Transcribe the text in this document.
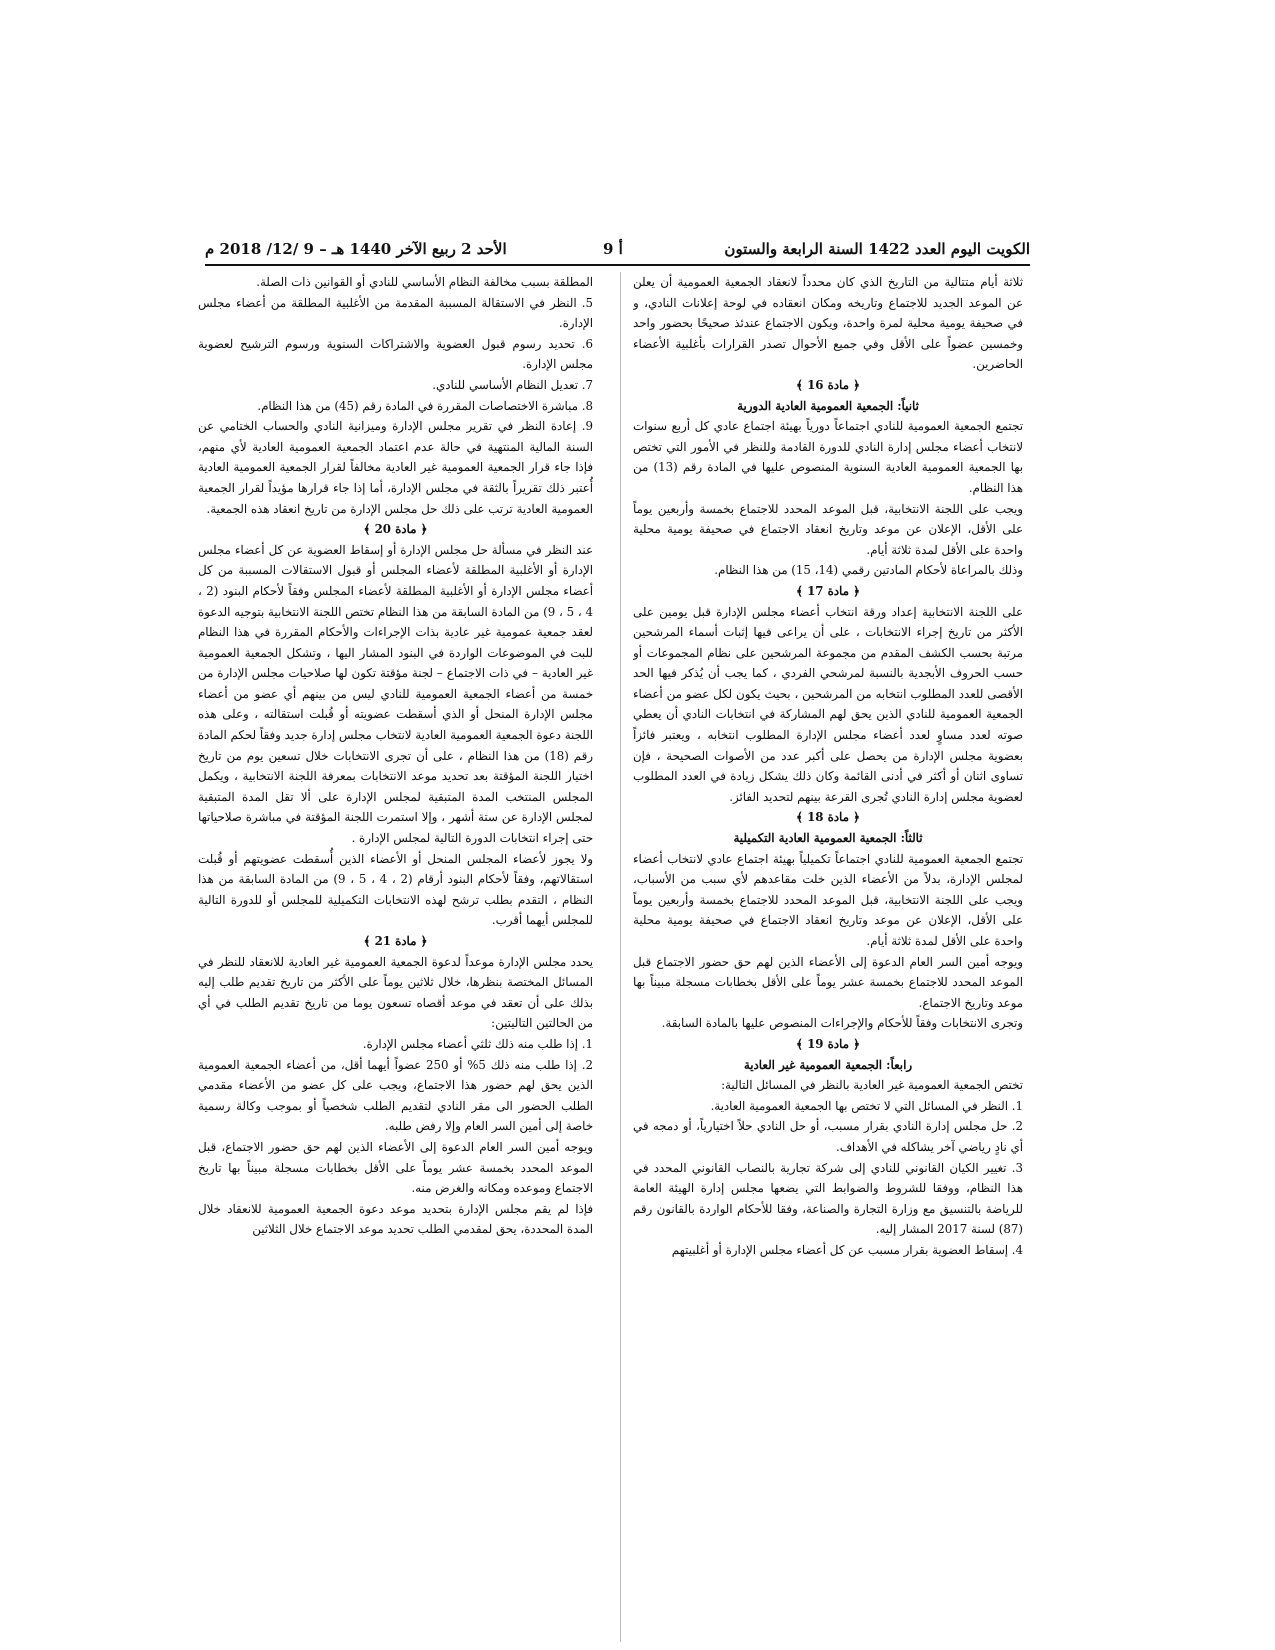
الكويت اليوم العدد 1422 السنة الرابعة والستون
أ 9
الأحد 2 ربيع الآخر 1440 هـ – 9 /12/ 2018 م

ثلاثة أيام متتالية من التاريخ الذي كان محدداً لانعقاد الجمعية العمومية أن يعلن عن الموعد الجديد للاجتماع وتاريخه ومكان انعقاده في لوحة إعلانات النادي، و في صحيفة يومية محلية لمرة واحدة، ويكون الاجتماع عندئذ صحيحًا بحضور واحد وخمسين عضواً على الأقل وفي جميع الأحوال تصدر القرارات بأغلبية الأعضاء الحاضرين.

﴿ مادة 16 ﴾

ثانياً: الجمعية العمومية العادية الدورية

تجتمع الجمعية العمومية للنادي اجتماعاً دورياً بهيئة اجتماع عادي كل أربع سنوات لانتخاب أعضاء مجلس إدارة النادي للدورة القادمة وللنظر في الأمور التي تختص بها الجمعية العمومية العادية السنوية المنصوص عليها في المادة رقم (13) من هذا النظام.

ويجب على اللجنة الانتخابية، قبل الموعد المحدد للاجتماع بخمسة وأربعين يوماً على الأقل، الإعلان عن موعد وتاريخ انعقاد الاجتماع في صحيفة يومية محلية واحدة على الأقل لمدة ثلاثة أيام.

وذلك بالمراعاة لأحكام المادتين رقمي (14، 15) من هذا النظام.

﴿ مادة 17 ﴾

على اللجنة الانتخابية إعداد ورقة انتخاب أعضاء مجلس الإدارة قبل يومين على الأكثر من تاريخ إجراء الانتخابات ، على أن يراعى فيها إثبات أسماء المرشحين مرتبة بحسب الكشف المقدم من مجموعة المرشحين على نظام المجموعات أو حسب الحروف الأبجدية بالنسبة لمرشحي الفردي ، كما يجب أن يُذكر فيها الحد الأقصى للعدد المطلوب انتخابه من المرشحين ، بحيث يكون لكل عضو من أعضاء الجمعية العمومية للنادي الذين يحق لهم المشاركة في انتخابات النادي أن يعطي صوته لعدد مساوٍ لعدد أعضاء مجلس الإدارة المطلوب انتخابه ، ويعتبر فائزاً بعضوية مجلس الإدارة من يحصل على أكبر عدد من الأصوات الصحيحة ، فإن تساوى اثنان أو أكثر في أدنى القائمة وكان ذلك يشكل زيادة في العدد المطلوب لعضوية مجلس إدارة النادي تُجرى القرعة بينهم لتحديد الفائز.

﴿ مادة 18 ﴾

ثالثاً: الجمعية العمومية العادية التكميلية

تجتمع الجمعية العمومية للنادي اجتماعاً تكميلياً بهيئة اجتماع عادي لانتخاب أعضاء لمجلس الإدارة، بدلاً من الأعضاء الذين خلت مقاعدهم لأي سبب من الأسباب، ويجب على اللجنة الانتخابية، قبل الموعد المحدد للاجتماع بخمسة وأربعين يوماً على الأقل، الإعلان عن موعد وتاريخ انعقاد الاجتماع في صحيفة يومية محلية واحدة على الأقل لمدة ثلاثة أيام.

ويوجه أمين السر العام الدعوة إلى الأعضاء الذين لهم حق حضور الاجتماع قبل الموعد المحدد للاجتماع بخمسة عشر يوماً على الأقل بخطابات مسجلة مبيناً بها موعد وتاريخ الاجتماع.

وتجرى الانتخابات وفقاً للأحكام والإجراءات المنصوص عليها بالمادة السابقة.

﴿ مادة 19 ﴾

رابعاً: الجمعية العمومية غير العادية

تختص الجمعية العمومية غير العادية بالنظر في المسائل التالية:

1. النظر في المسائل التي لا تختص بها الجمعية العمومية العادية.

2. حل مجلس إدارة النادي بقرار مسبب، أو حل النادي حلاً اختيارياً، أو دمجه في أي نادٍ رياضي آخر يشاكله في الأهداف.

3. تغيير الكيان القانوني للنادي إلى شركة تجارية بالنصاب القانوني المحدد في هذا النظام، ووفقا للشروط والضوابط التي يضعها مجلس إدارة الهيئة العامة للرياضة بالتنسيق مع وزارة التجارة والصناعة، وفقا للأحكام الواردة بالقانون رقم (87) لسنة 2017 المشار إليه.

4. إسقاط العضوية بقرار مسبب عن كل أعضاء مجلس الإدارة أو أغلبيتهم

المطلقة بسبب مخالفة النظام الأساسي للنادي أو القوانين ذات الصلة.

5. النظر في الاستقالة المسببة المقدمة من الأغلبية المطلقة من أعضاء مجلس الإدارة.

6. تحديد رسوم قبول العضوية والاشتراكات السنوية ورسوم الترشيح لعضوية مجلس الإدارة.

7. تعديل النظام الأساسي للنادي.

8. مباشرة الاختصاصات المقررة في المادة رقم (45) من هذا النظام.

9. إعادة النظر في تقرير مجلس الإدارة وميزانية النادي والحساب الختامي عن السنة المالية المنتهية في حالة عدم اعتماد الجمعية العمومية العادية لأي منهم، فإذا جاء قرار الجمعية العمومية غير العادية مخالفاً لقرار الجمعية العمومية العادية أُعتبر ذلك تقريراً بالثقة في مجلس الإدارة، أما إذا جاء قرارها مؤيداً لقرار الجمعية العمومية العادية ترتب على ذلك حل مجلس الإدارة من تاريخ انعقاد هذه الجمعية.

﴿ مادة 20 ﴾

عند النظر في مسألة حل مجلس الإدارة أو إسقاط العضوية عن كل أعضاء مجلس الإدارة أو الأغلبية المطلقة لأعضاء المجلس أو قبول الاستقالات المسببة من كل أعضاء مجلس الإدارة أو الأغلبية المطلقة لأعضاء المجلس وفقاً لأحكام البنود (2 ، 4 ، 5 ، 9) من المادة السابقة من هذا النظام تختص اللجنة الانتخابية بتوجيه الدعوة لعقد جمعية عمومية غير عادية بذات الإجراءات والأحكام المقررة في هذا النظام للبت في الموضوعات الواردة في البنود المشار اليها ، وتشكل الجمعية العمومية غير العادية – في ذات الاجتماع – لجنة مؤقتة تكون لها صلاحيات مجلس الإدارة من خمسة من أعضاء الجمعية العمومية للنادي ليس من بينهم أي عضو من أعضاء مجلس الإدارة المنحل أو الذي أسقطت عضويته أو قُبلت استقالته ، وعلى هذه اللجنة دعوة الجمعية العمومية العادية لانتخاب مجلس إدارة جديد وفقاً لحكم المادة رقم (18) من هذا النظام ، على أن تجرى الانتخابات خلال تسعين يوم من تاريخ اختيار اللجنة المؤقتة بعد تحديد موعد الانتخابات بمعرفة اللجنة الانتخابية ، ويكمل المجلس المنتخب المدة المتبقية لمجلس الإدارة على ألا تقل المدة المتبقية لمجلس الإدارة عن ستة أشهر ، وإلا استمرت اللجنة المؤقتة في مباشرة صلاحياتها حتى إجراء انتخابات الدورة التالية لمجلس الإدارة .

ولا يجوز لأعضاء المجلس المنحل أو الأعضاء الذين أُسقطت عضويتهم أو قُبلت استقالاتهم، وفقاً لأحكام البنود أرقام (2 ، 4 ، 5 ، 9) من المادة السابقة من هذا النظام ، التقدم بطلب ترشح لهذه الانتخابات التكميلية للمجلس أو للدورة التالية للمجلس أيهما أقرب.

﴿ مادة 21 ﴾

يحدد مجلس الإدارة موعداً لدعوة الجمعية العمومية غير العادية للانعقاد للنظر في المسائل المختصة بنظرها، خلال ثلاثين يوماً على الأكثر من تاريخ تقديم طلب إليه بذلك على أن تعقد في موعد أقصاه تسعون يوما من تاريخ تقديم الطلب في أي من الحالتين التاليتين:

1. إذا طلب منه ذلك ثلثي أعضاء مجلس الإدارة.

2. إذا طلب منه ذلك 5% أو 250 عضواً أيهما أقل، من أعضاء الجمعية العمومية الذين يحق لهم حضور هذا الاجتماع، ويجب على كل عضو من الأعضاء مقدمي الطلب الحضور الى مقر النادي لتقديم الطلب شخصياً أو بموجب وكالة رسمية خاصة إلى أمين السر العام وإلا رفض طلبه.

ويوجه أمين السر العام الدعوة إلى الأعضاء الذين لهم حق حضور الاجتماع، قبل الموعد المحدد بخمسة عشر يوماً على الأقل بخطابات مسجلة مبيناً بها تاريخ الاجتماع وموعده ومكانه والغرض منه.

فإذا لم يقم مجلس الإدارة بتحديد موعد دعوة الجمعية العمومية للانعقاد خلال المدة المحددة، يحق لمقدمي الطلب تحديد موعد الاجتماع خلال الثلاثين
